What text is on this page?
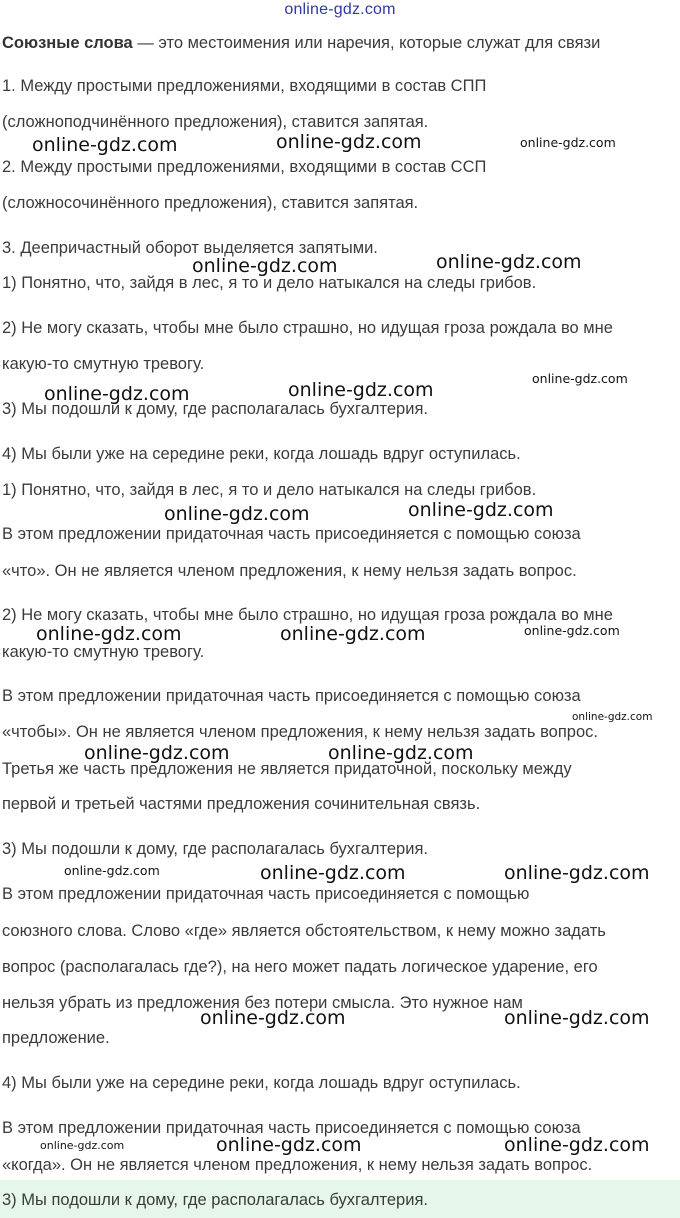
online-gdz.com

Союзные слова — это местоимения или наречия, которые служат для связи

1. Между простыми предложениями, входящими в состав СПП

(сложноподчинённого предложения), ставится запятая.

2. Между простыми предложениями, входящими в состав ССП

(сложносочинённого предложения), ставится запятая.

3. Деепричастный оборот выделяется запятыми.

1) Понятно, что, зайдя в лес, я то и дело натыкался на следы грибов.

2) Не могу сказать, чтобы мне было страшно, но идущая гроза рождала во мне

какую-то смутную тревогу.

3) Мы подошли к дому, где располагалась бухгалтерия.

4) Мы были уже на середине реки, когда лошадь вдруг оступилась.

1) Понятно, что, зайдя в лес, я то и дело натыкался на следы грибов.

В этом предложении придаточная часть присоединяется с помощью союза

«что». Он не является членом предложения, к нему нельзя задать вопрос.

2) Не могу сказать, чтобы мне было страшно, но идущая гроза рождала во мне

какую-то смутную тревогу.

В этом предложении придаточная часть присоединяется с помощью союза

«чтобы». Он не является членом предложения, к нему нельзя задать вопрос.

Третья же часть предложения не является придаточной, поскольку между

первой и третьей частями предложения сочинительная связь.

3) Мы подошли к дому, где располагалась бухгалтерия.

В этом предложении придаточная часть присоединяется с помощью

союзного слова. Слово «где» является обстоятельством, к нему можно задать

вопрос (располагалась где?), на него может падать логическое ударение, его

нельзя убрать из предложения без потери смысла. Это нужное нам

предложение.

4) Мы были уже на середине реки, когда лошадь вдруг оступилась.

В этом предложении придаточная часть присоединяется с помощью союза

«когда». Он не является членом предложения, к нему нельзя задать вопрос.

3) Мы подошли к дому, где располагалась бухгалтерия.

online-gdz.com	online-gdz.com	online-gdz.com
online-gdz.com	online-gdz.com
online-gdz.com	online-gdz.com
online-gdz.com
online-gdz.com	online-gdz.com
online-gdz.com	online-gdz.com	online-gdz.com
online-gdz.com
online-gdz.com	online-gdz.com
online-gdz.com	online-gdz.com	online-gdz.com
online-gdz.com	online-gdz.com
online-gdz.com	online-gdz.com	online-gdz.com
